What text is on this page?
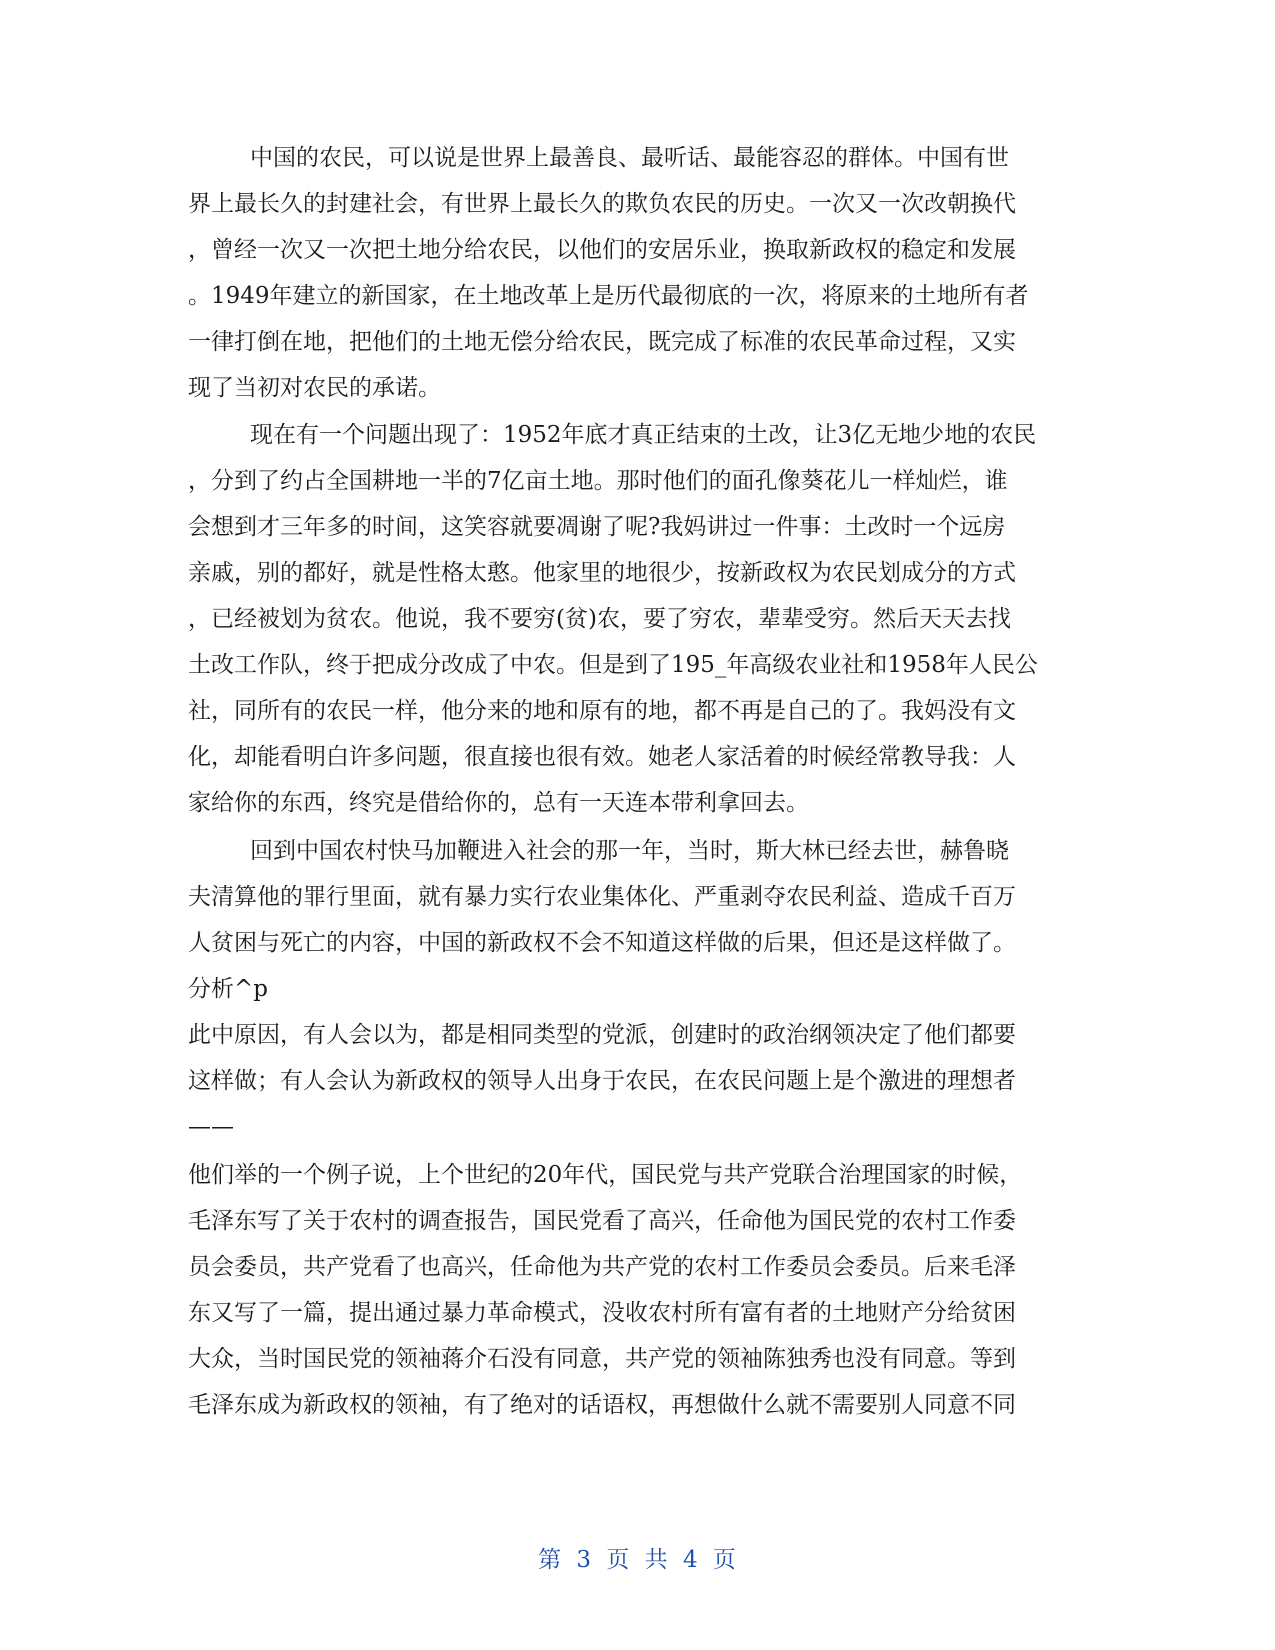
中国的农民，可以说是世界上最善良、最听话、最能容忍的群体。中国有世
界上最长久的封建社会，有世界上最长久的欺负农民的历史。一次又一次改朝换代
，曾经一次又一次把土地分给农民，以他们的安居乐业，换取新政权的稳定和发展
。1949年建立的新国家，在土地改革上是历代最彻底的一次，将原来的土地所有者
一律打倒在地，把他们的土地无偿分给农民，既完成了标准的农民革命过程，又实
现了当初对农民的承诺。
现在有一个问题出现了：1952年底才真正结束的土改，让3亿无地少地的农民
，分到了约占全国耕地一半的7亿亩土地。那时他们的面孔像葵花儿一样灿烂，谁
会想到才三年多的时间，这笑容就要凋谢了呢?我妈讲过一件事：土改时一个远房
亲戚，别的都好，就是性格太憨。他家里的地很少，按新政权为农民划成分的方式
，已经被划为贫农。他说，我不要穷(贫)农，要了穷农，辈辈受穷。然后天天去找
土改工作队，终于把成分改成了中农。但是到了195_年高级农业社和1958年人民公
社，同所有的农民一样，他分来的地和原有的地，都不再是自己的了。我妈没有文
化，却能看明白许多问题，很直接也很有效。她老人家活着的时候经常教导我：人
家给你的东西，终究是借给你的，总有一天连本带利拿回去。
回到中国农村快马加鞭进入社会的那一年，当时，斯大林已经去世，赫鲁晓
夫清算他的罪行里面，就有暴力实行农业集体化、严重剥夺农民利益、造成千百万
人贫困与死亡的内容，中国的新政权不会不知道这样做的后果，但还是这样做了。
分析^p
此中原因，有人会以为，都是相同类型的党派，创建时的政治纲领决定了他们都要
这样做；有人会认为新政权的领导人出身于农民，在农民问题上是个激进的理想者
——
他们举的一个例子说，上个世纪的20年代，国民党与共产党联合治理国家的时候，
毛泽东写了关于农村的调查报告，国民党看了高兴，任命他为国民党的农村工作委
员会委员，共产党看了也高兴，任命他为共产党的农村工作委员会委员。后来毛泽
东又写了一篇，提出通过暴力革命模式，没收农村所有富有者的土地财产分给贫困
大众，当时国民党的领袖蒋介石没有同意，共产党的领袖陈独秀也没有同意。等到
毛泽东成为新政权的领袖，有了绝对的话语权，再想做什么就不需要别人同意不同
第 3 页 共 4 页
